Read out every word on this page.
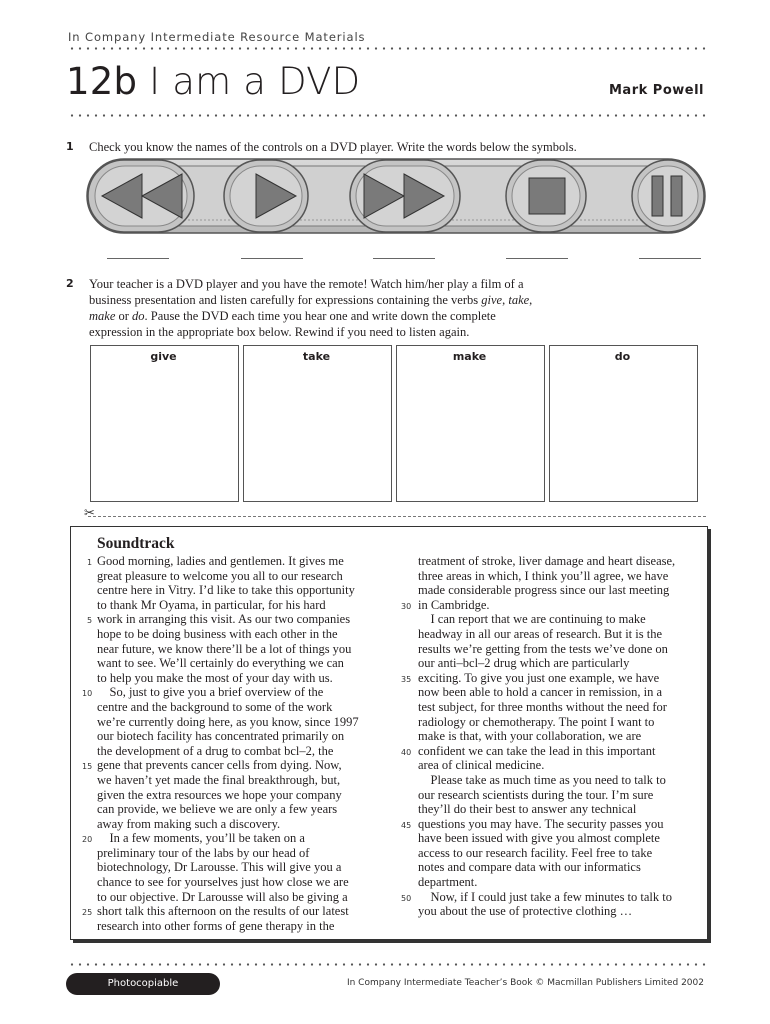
In Company Intermediate Resource Materials
12b I am a DVD	Mark Powell
1 Check you know the names of the controls on a DVD player. Write the words below the symbols.
2 Your teacher is a DVD player and you have the remote! Watch him/her play a film of a
business presentation and listen carefully for expressions containing the verbs give, take,
make or do. Pause the DVD each time you hear one and write down the complete
expression in the appropriate box below. Rewind if you need to listen again.
give	take	make	do
✂
Soundtrack
Good morning, ladies and gentlemen. It gives me
great pleasure to welcome you all to our research
centre here in Vitry. I’d like to take this opportunity
to thank Mr Oyama, in particular, for his hard
work in arranging this visit. As our two companies
hope to be doing business with each other in the
near future, we know there’ll be a lot of things you
want to see. We’ll certainly do everything we can
to help you make the most of your day with us.
So, just to give you a brief overview of the
centre and the background to some of the work
we’re currently doing here, as you know, since 1997
our biotech facility has concentrated primarily on
the development of a drug to combat bcl–2, the
gene that prevents cancer cells from dying. Now,
we haven’t yet made the final breakthrough, but,
given the extra resources we hope your company
can provide, we believe we are only a few years
away from making such a discovery.
In a few moments, you’ll be taken on a
preliminary tour of the labs by our head of
biotechnology, Dr Larousse. This will give you a
chance to see for yourselves just how close we are
to our objective. Dr Larousse will also be giving a
short talk this afternoon on the results of our latest
research into other forms of gene therapy in the
treatment of stroke, liver damage and heart disease,
three areas in which, I think you’ll agree, we have
made considerable progress since our last meeting
in Cambridge.
I can report that we are continuing to make
headway in all our areas of research. But it is the
results we’re getting from the tests we’ve done on
our anti–bcl–2 drug which are particularly
exciting. To give you just one example, we have
now been able to hold a cancer in remission, in a
test subject, for three months without the need for
radiology or chemotherapy. The point I want to
make is that, with your collaboration, we are
confident we can take the lead in this important
area of clinical medicine.
Please take as much time as you need to talk to
our research scientists during the tour. I’m sure
they’ll do their best to answer any technical
questions you may have. The security passes you
have been issued with give you almost complete
access to our research facility. Feel free to take
notes and compare data with our informatics
department.
Now, if I could just take a few minutes to talk to
you about the use of protective clothing …
1
5
10
15
20
25
30
35
40
45
50
Photocopiable	In Company Intermediate Teacher’s Book © Macmillan Publishers Limited 2002
